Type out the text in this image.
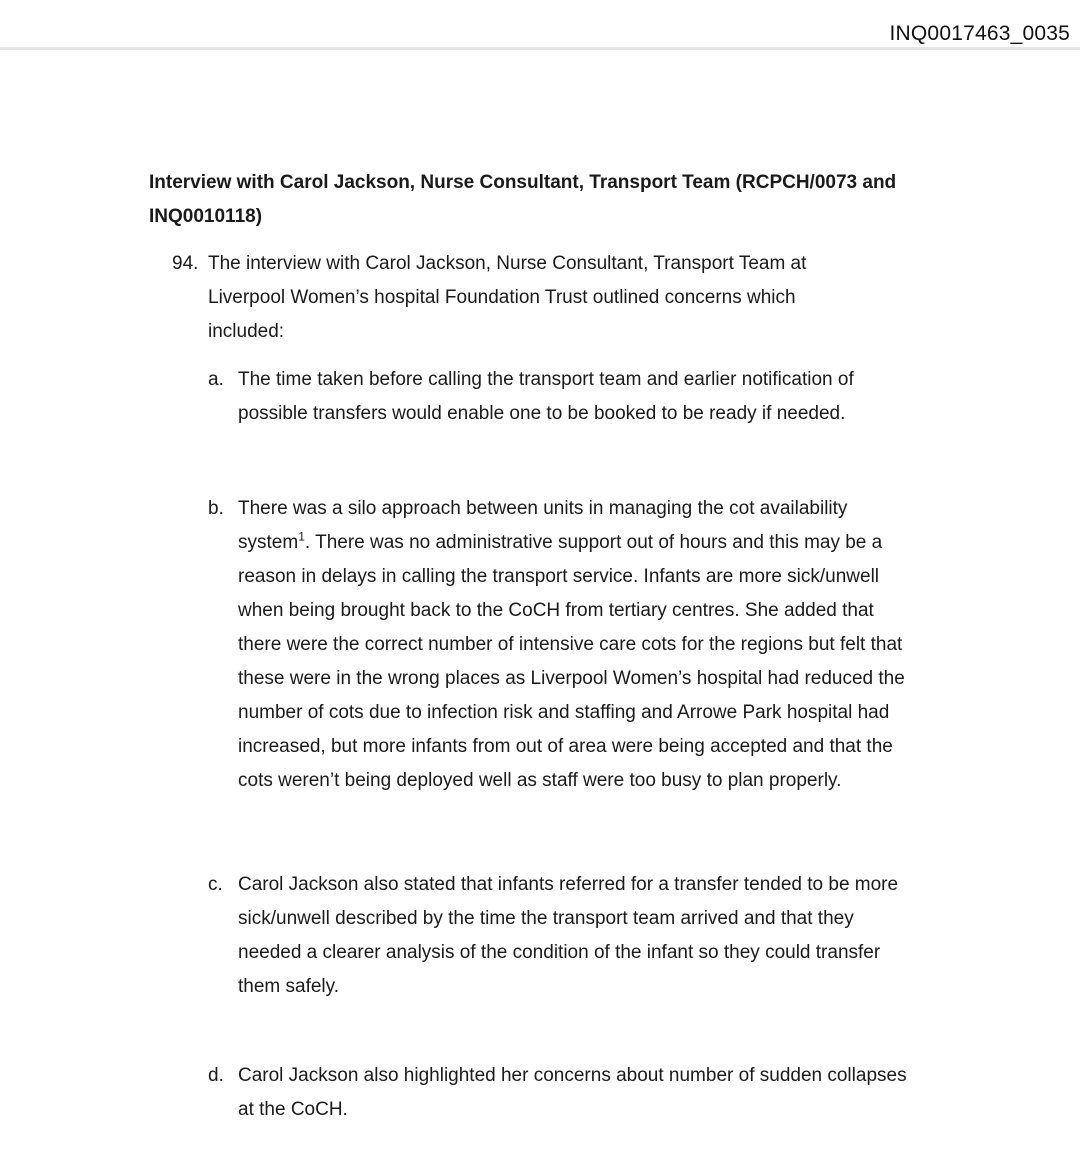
INQ0017463_0035
Interview with Carol Jackson, Nurse Consultant, Transport Team (RCPCH/0073 and INQ0010118)
94. The interview with Carol Jackson, Nurse Consultant, Transport Team at Liverpool Women’s hospital Foundation Trust outlined concerns which included:
a. The time taken before calling the transport team and earlier notification of possible transfers would enable one to be booked to be ready if needed.
b. There was a silo approach between units in managing the cot availability system$^1$. There was no administrative support out of hours and this may be a reason in delays in calling the transport service. Infants are more sick/unwell when being brought back to the CoCH from tertiary centres. She added that there were the correct number of intensive care cots for the regions but felt that these were in the wrong places as Liverpool Women’s hospital had reduced the number of cots due to infection risk and staffing and Arrowe Park hospital had increased, but more infants from out of area were being accepted and that the cots weren’t being deployed well as staff were too busy to plan properly.
c. Carol Jackson also stated that infants referred for a transfer tended to be more sick/unwell described by the time the transport team arrived and that they needed a clearer analysis of the condition of the infant so they could transfer them safely.
d. Carol Jackson also highlighted her concerns about number of sudden collapses at the CoCH.
